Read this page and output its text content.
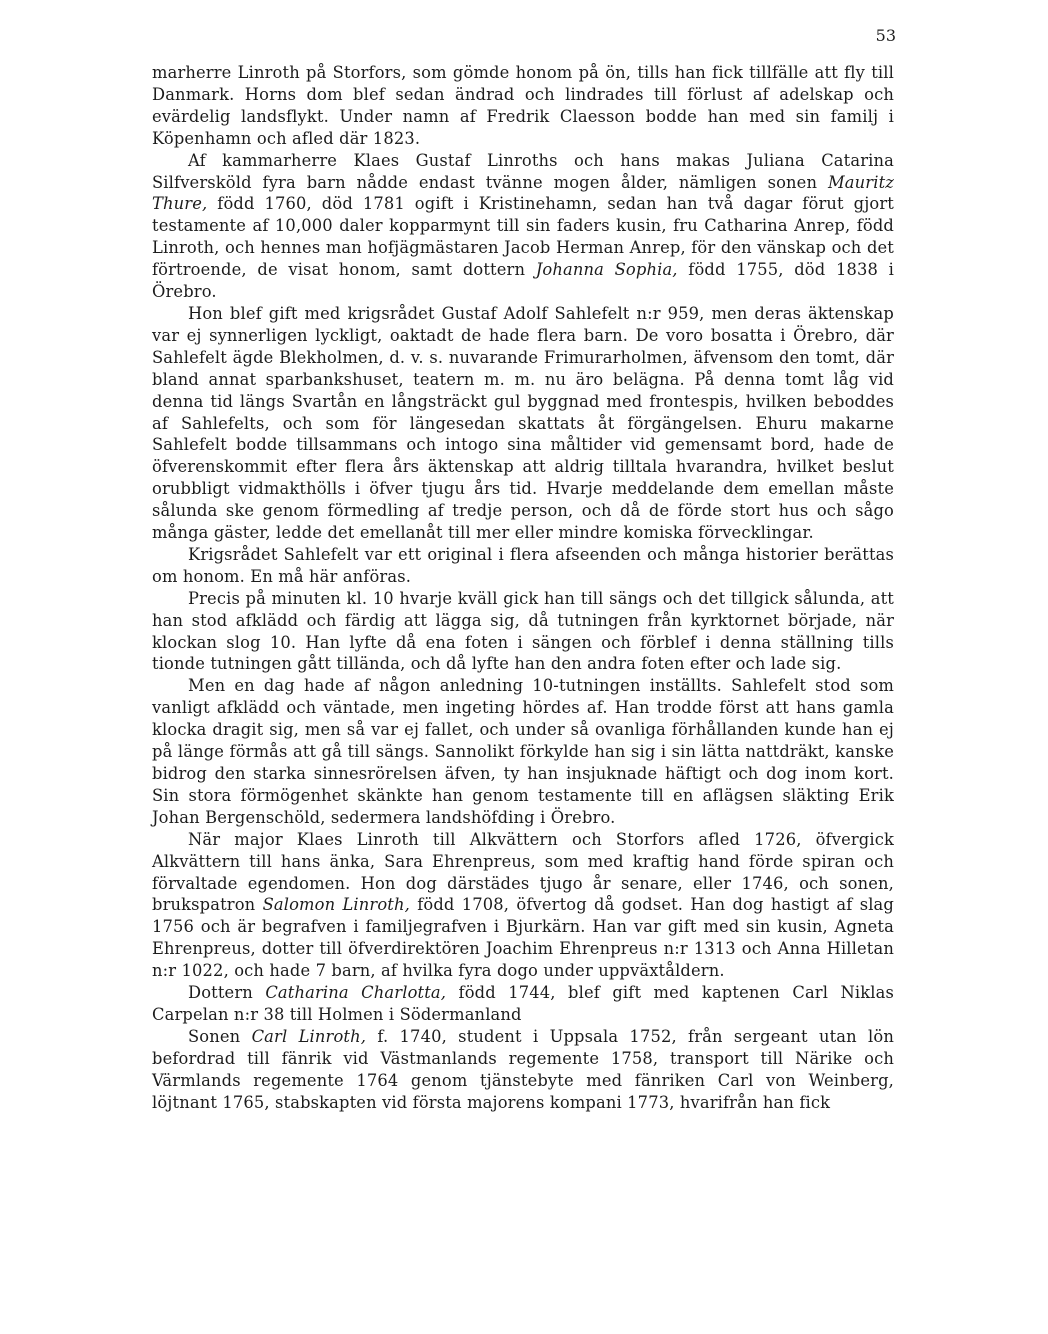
53

marherre Linroth på Storfors, som gömde honom på ön, tills han fick tillfälle att fly till Danmark. Horns dom blef sedan ändrad och lindrades till förlust af adelskap och evärdelig landsflykt. Under namn af Fredrik Claesson bodde han med sin familj i Köpenhamn och afled där 1823.

Af kammarherre Klaes Gustaf Linroths och hans makas Juliana Catarina Silfversköld fyra barn nådde endast tvänne mogen ålder, nämligen sonen Mauritz Thure, född 1760, död 1781 ogift i Kristinehamn, sedan han två dagar förut gjort testamente af 10,000 daler kopparmynt till sin faders kusin, fru Catharina Anrep, född Linroth, och hennes man hofjägmästaren Jacob Herman Anrep, för den vänskap och det förtroende, de visat honom, samt dottern Johanna Sophia, född 1755, död 1838 i Örebro.

Hon blef gift med krigsrådet Gustaf Adolf Sahlefelt n:r 959, men deras äktenskap var ej synnerligen lyckligt, oaktadt de hade flera barn. De voro bosatta i Örebro, där Sahlefelt ägde Blekholmen, d. v. s. nuvarande Frimurarholmen, äfvensom den tomt, där bland annat sparbankshuset, teatern m. m. nu äro belägna. På denna tomt låg vid denna tid längs Svartån en långsträckt gul byggnad med frontespis, hvilken beboddes af Sahlefelts, och som för längesedan skattats åt förgängelsen. Ehuru makarne Sahlefelt bodde tillsammans och intogo sina måltider vid gemensamt bord, hade de öfverenskommit efter flera års äktenskap att aldrig tilltala hvarandra, hvilket beslut orubbligt vidmakthölls i öfver tjugu års tid. Hvarje meddelande dem emellan måste sålunda ske genom förmedling af tredje person, och då de förde stort hus och sågo många gäster, ledde det emellanåt till mer eller mindre komiska förvecklingar.

Krigsrådet Sahlefelt var ett original i flera afseenden och många historier berättas om honom. En må här anföras.

Precis på minuten kl. 10 hvarje kväll gick han till sängs och det tillgick sålunda, att han stod afklädd och färdig att lägga sig, då tutningen från kyrktornet började, när klockan slog 10. Han lyfte då ena foten i sängen och förblef i denna ställning tills tionde tutningen gått tillända, och då lyfte han den andra foten efter och lade sig.

Men en dag hade af någon anledning 10-tutningen inställts. Sahlefelt stod som vanligt afklädd och väntade, men ingeting hördes af. Han trodde först att hans gamla klocka dragit sig, men så var ej fallet, och under så ovanliga förhållanden kunde han ej på länge förmås att gå till sängs. Sannolikt förkylde han sig i sin lätta nattdräkt, kanske bidrog den starka sinnesrörelsen äfven, ty han insjuknade häftigt och dog inom kort. Sin stora förmögenhet skänkte han genom testamente till en aflägsen släkting Erik Johan Bergenschöld, sedermera landshöfding i Örebro.

När major Klaes Linroth till Alkvättern och Storfors afled 1726, öfvergick Alkvättern till hans änka, Sara Ehrenpreus, som med kraftig hand förde spiran och förvaltade egendomen. Hon dog därstädes tjugo år senare, eller 1746, och sonen, brukspatron Salomon Linroth, född 1708, öfvertog då godset. Han dog hastigt af slag 1756 och är begrafven i familjegrafven i Bjurkärn. Han var gift med sin kusin, Agneta Ehrenpreus, dotter till öfverdirektören Joachim Ehrenpreus n:r 1313 och Anna Hilletan n:r 1022, och hade 7 barn, af hvilka fyra dogo under uppväxtåldern.

Dottern Catharina Charlotta, född 1744, blef gift med kaptenen Carl Niklas Carpelan n:r 38 till Holmen i Södermanland

Sonen Carl Linroth, f. 1740, student i Uppsala 1752, från sergeant utan lön befordrad till fänrik vid Västmanlands regemente 1758, transport till Närike och Värmlands regemente 1764 genom tjänstebyte med fänriken Carl von Weinberg, löjtnant 1765, stabskapten vid första majorens kompani 1773, hvarifrån han fick
